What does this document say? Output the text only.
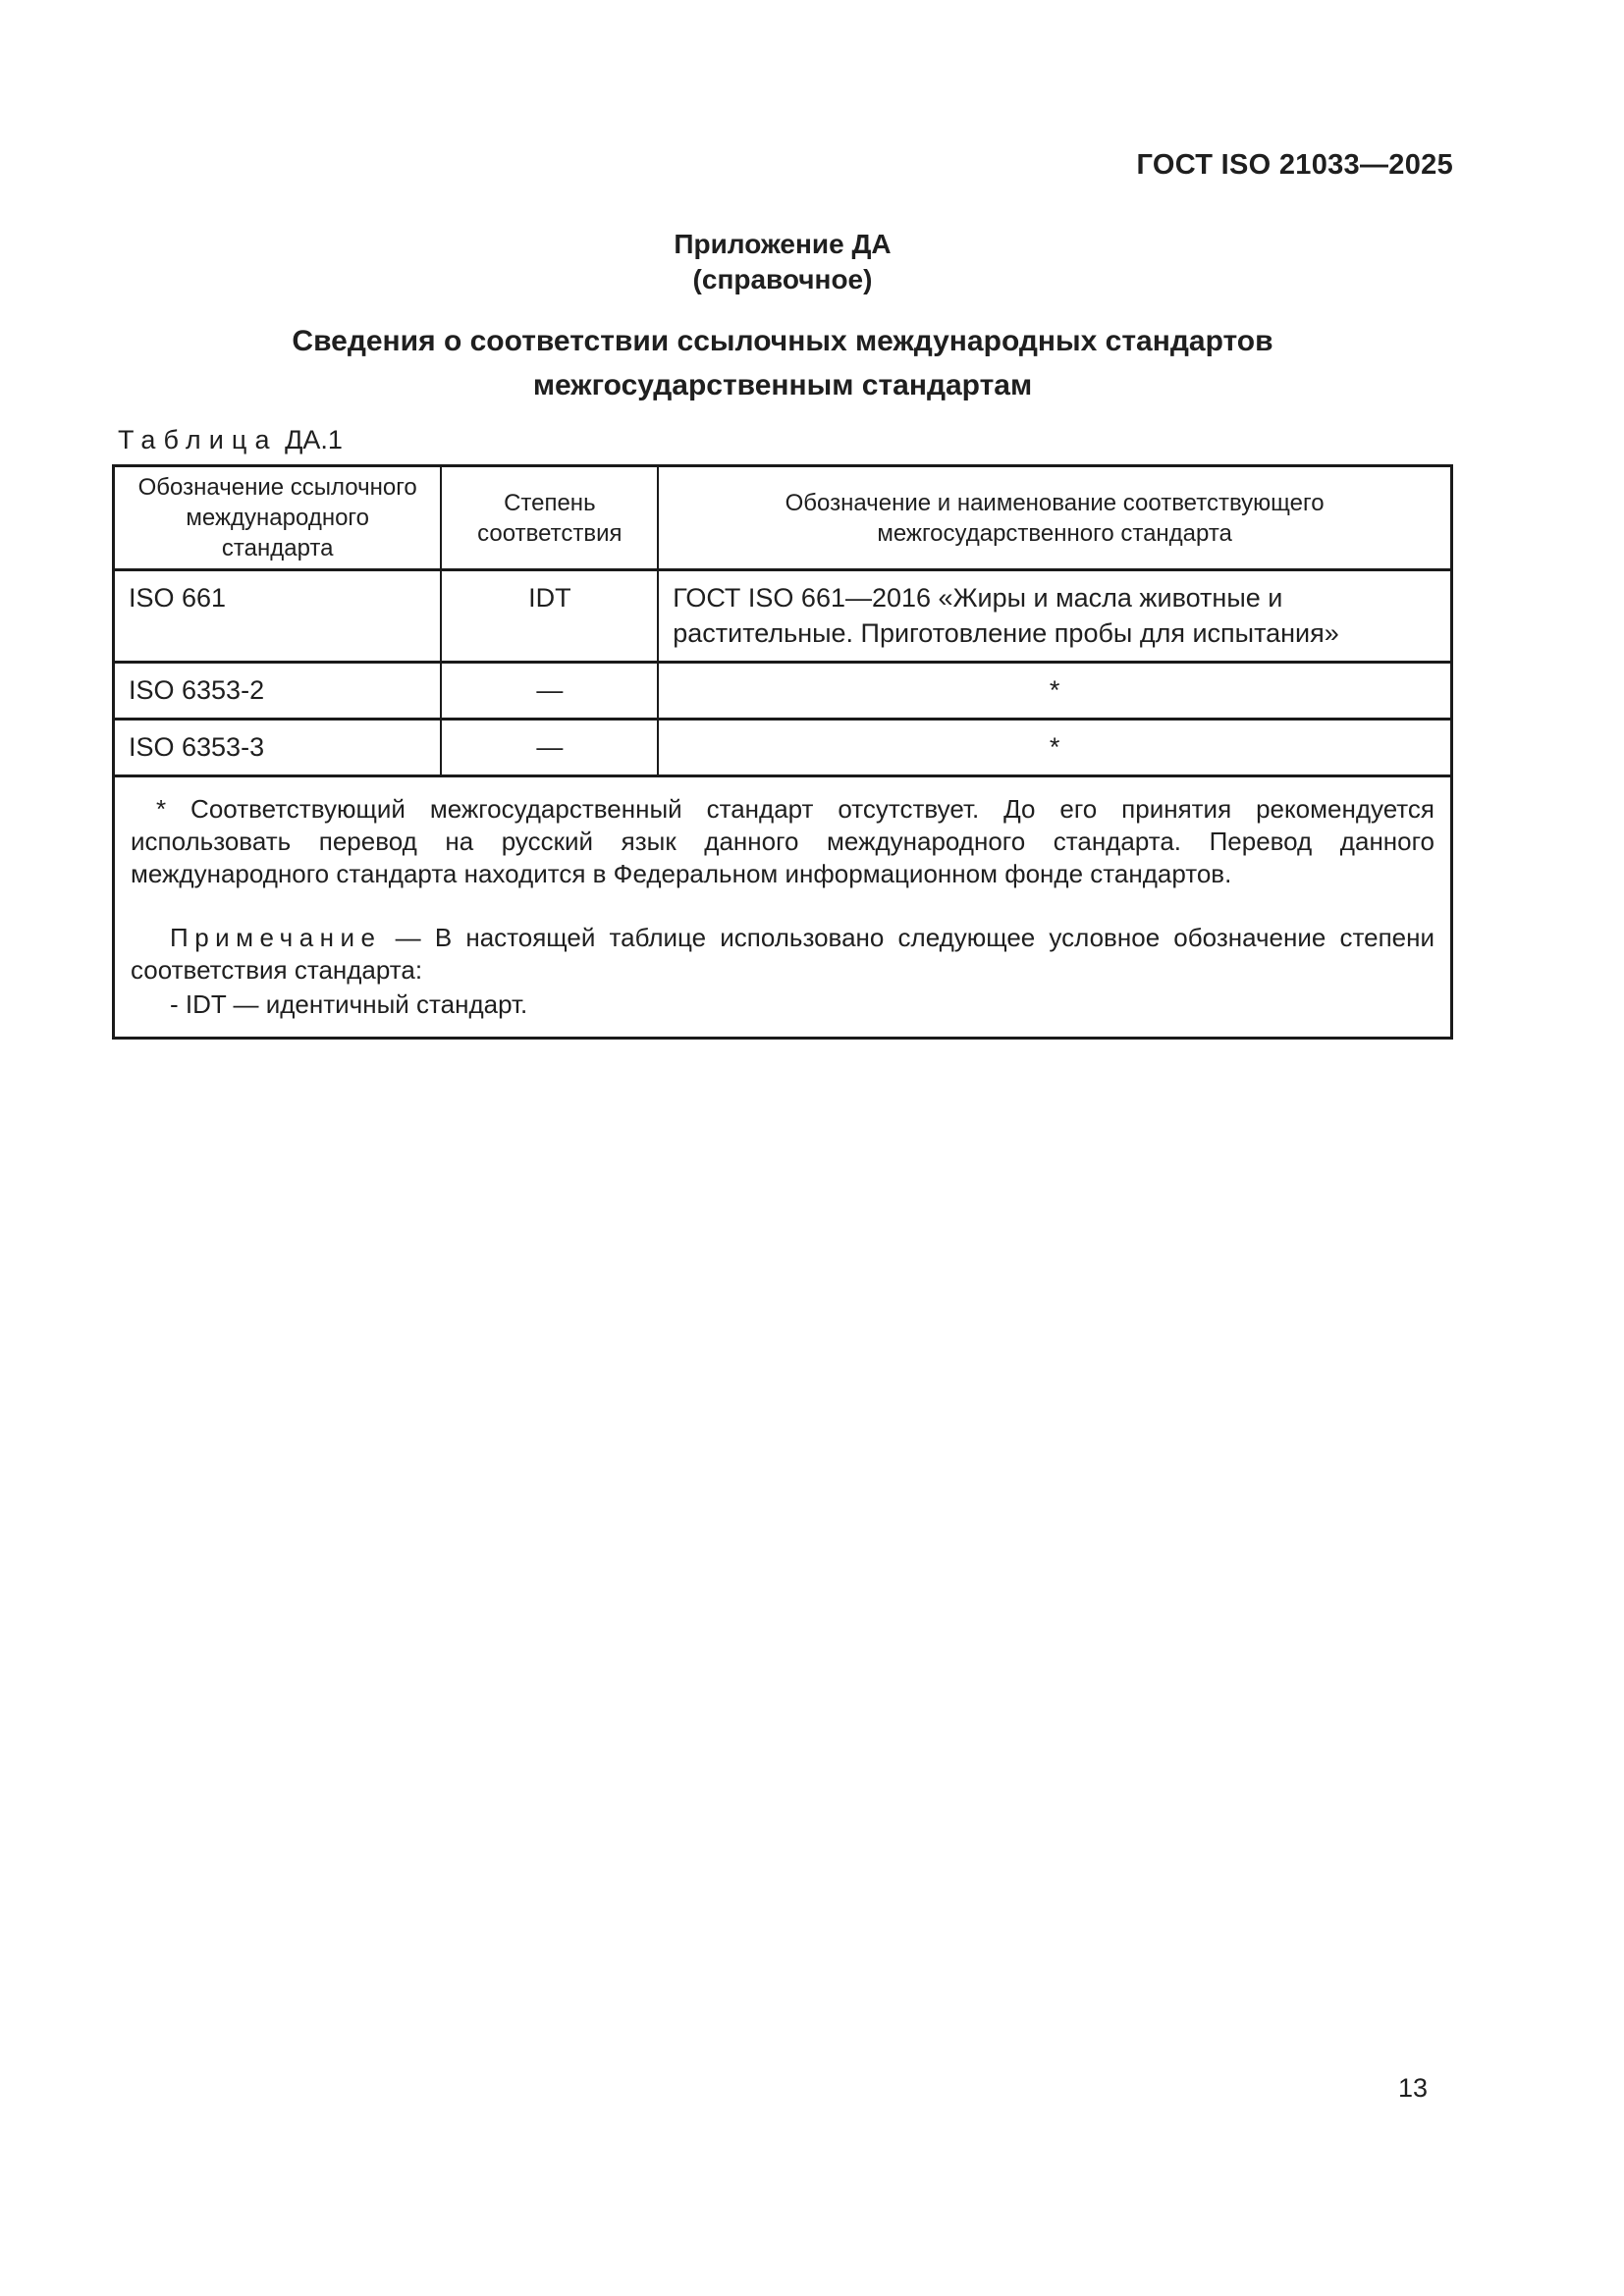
ГОСТ ISO 21033—2025
Приложение ДА
(справочное)
Сведения о соответствии ссылочных международных стандартов
межгосударственным стандартам
Таблица ДА.1
Обозначение ссылочного международного стандарта	Степень соответствия	Обозначение и наименование соответствующего межгосударственного стандарта
ISO 661	IDT	ГОСТ ISO 661—2016 «Жиры и масла животные и растительные. Приготовление пробы для испытания»
ISO 6353-2	—	*
ISO 6353-3	—	*

* Соответствующий межгосударственный стандарт отсутствует. До его принятия рекомендуется использовать перевод на русский язык данного международного стандарта. Перевод данного международного стандарта находится в Федеральном информационном фонде стандартов.

Примечание — В настоящей таблице использовано следующее условное обозначение степени соответствия стандарта:

- IDT — идентичный стандарт.		

13
